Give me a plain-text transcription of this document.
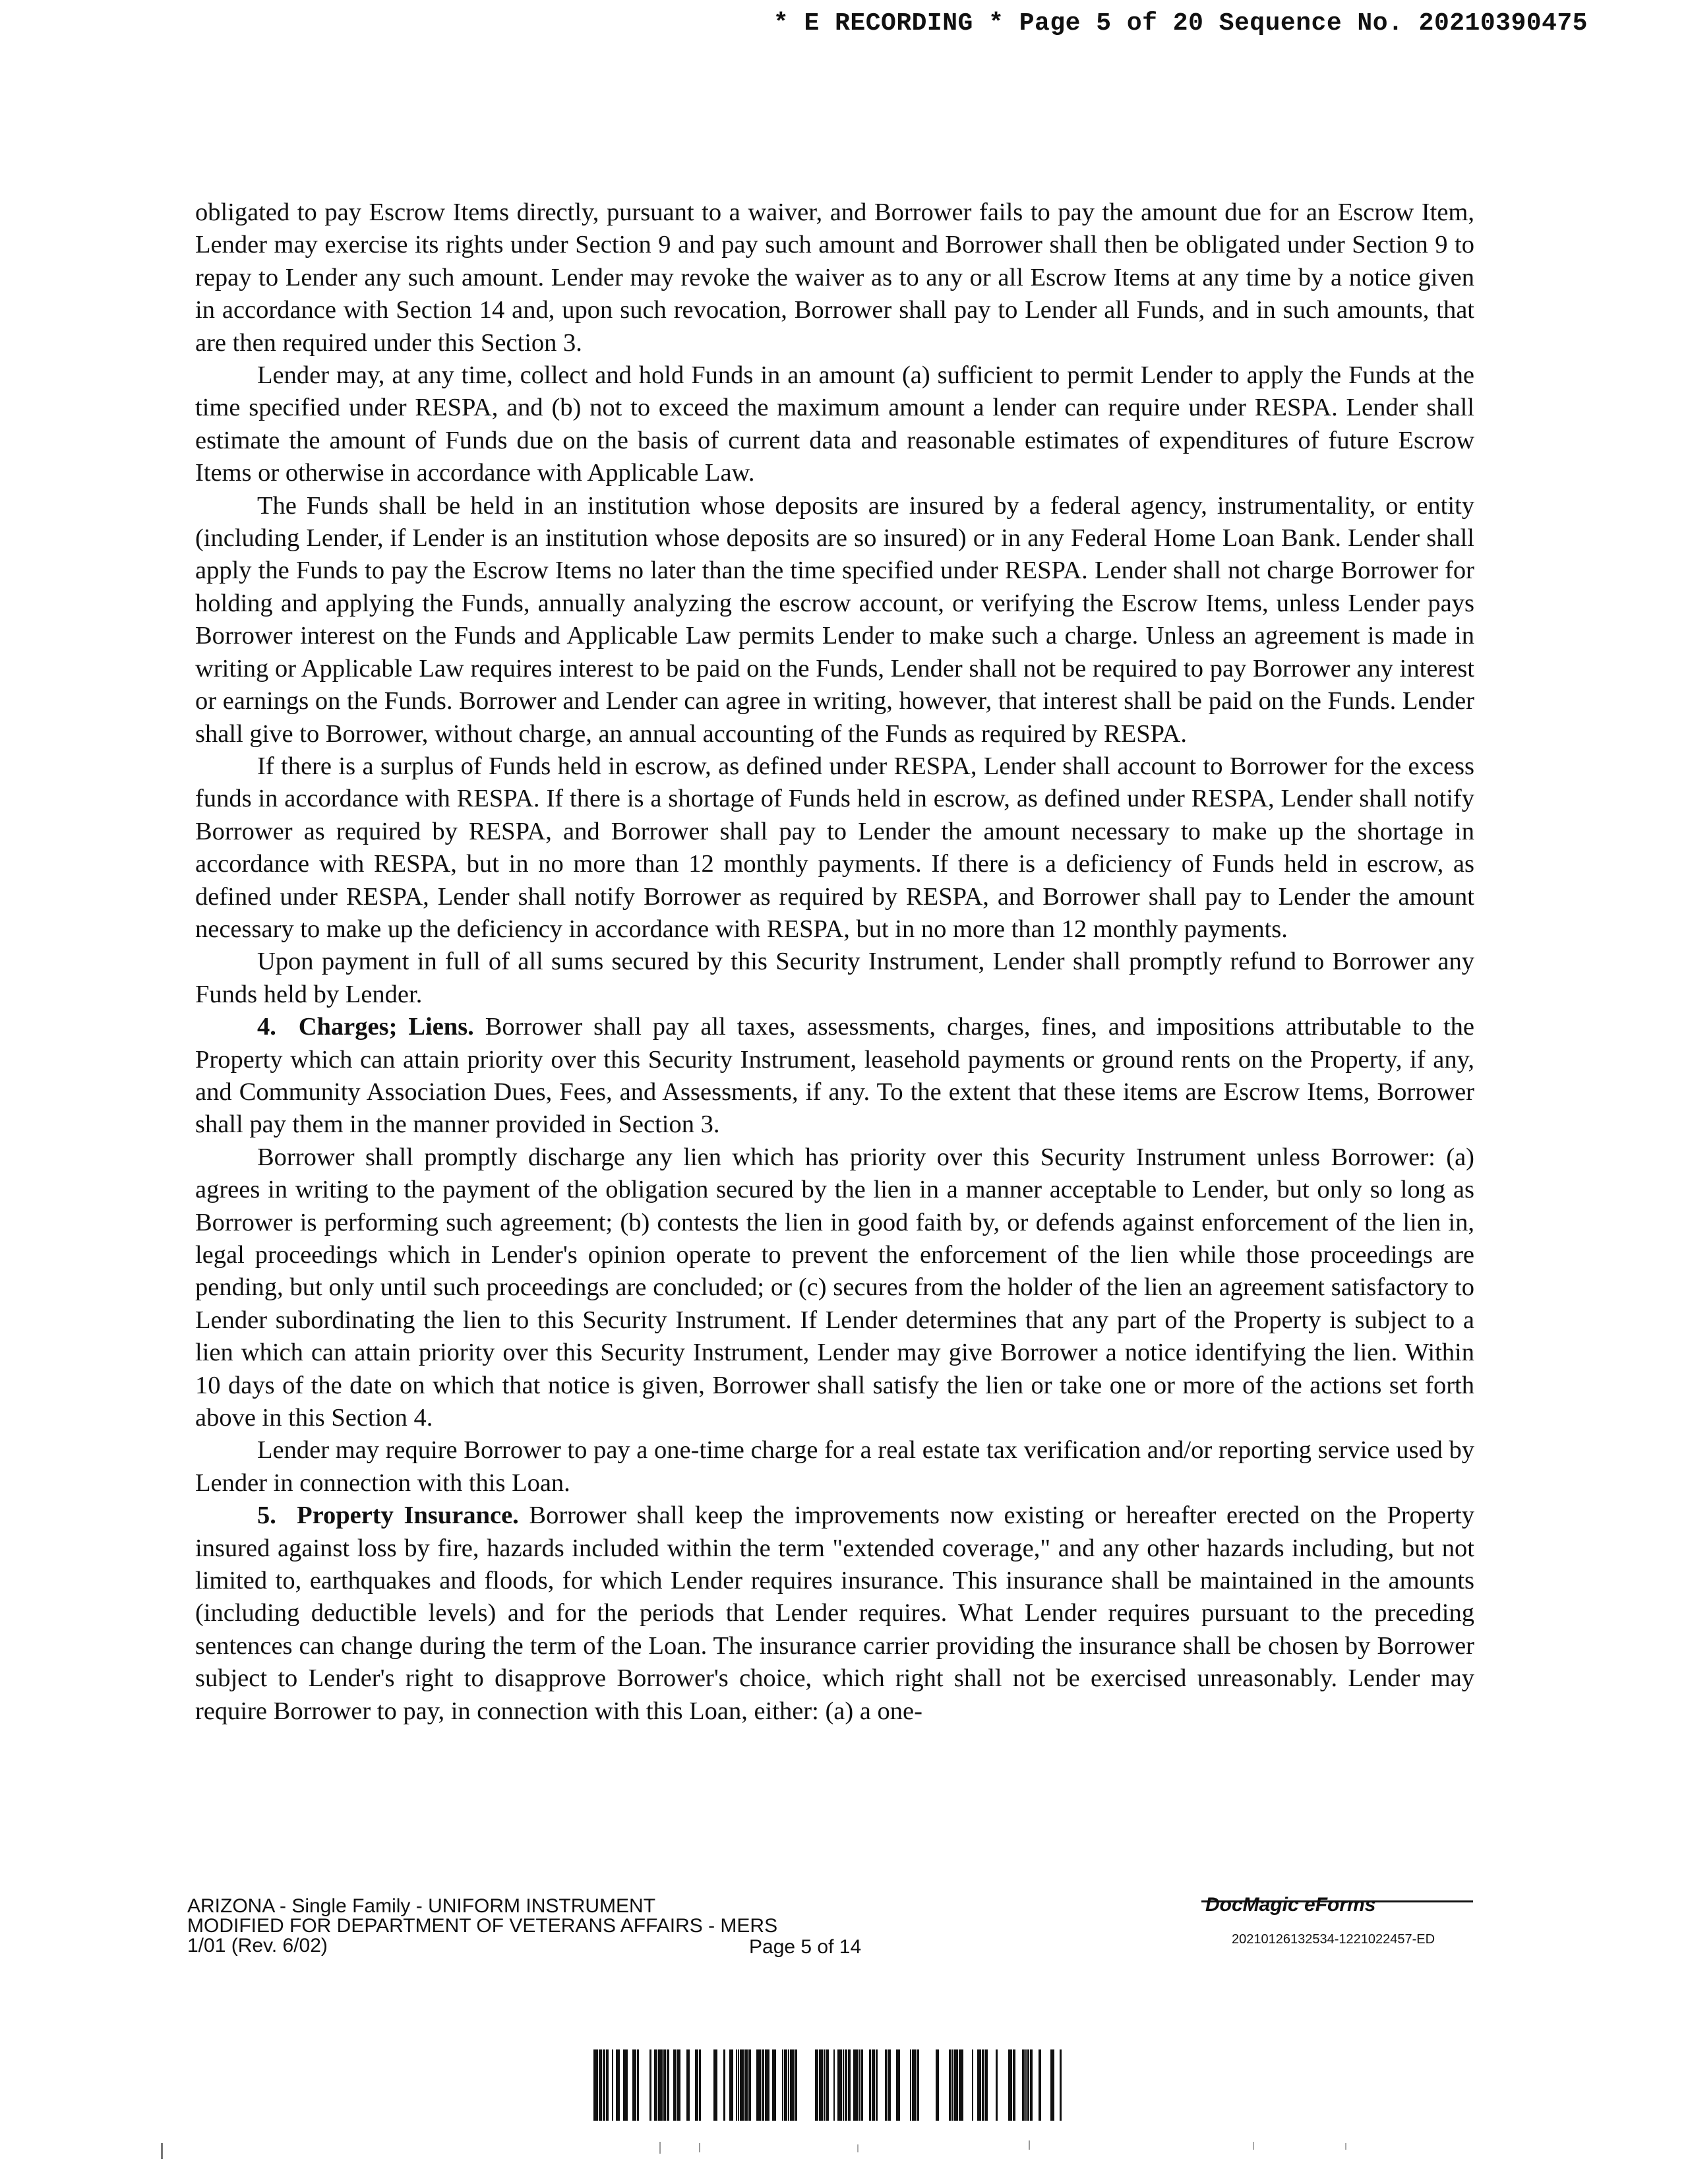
* E RECORDING * Page 5 of 20 Sequence No. 20210390475

obligated to pay Escrow Items directly, pursuant to a waiver, and Borrower fails to pay the amount due for an Escrow Item, Lender may exercise its rights under Section 9 and pay such amount and Borrower shall then be obligated under Section 9 to repay to Lender any such amount. Lender may revoke the waiver as to any or all Escrow Items at any time by a notice given in accordance with Section 14 and, upon such revocation, Borrower shall pay to Lender all Funds, and in such amounts, that are then required under this Section 3.

Lender may, at any time, collect and hold Funds in an amount (a) sufficient to permit Lender to apply the Funds at the time specified under RESPA, and (b) not to exceed the maximum amount a lender can require under RESPA. Lender shall estimate the amount of Funds due on the basis of current data and reasonable estimates of expenditures of future Escrow Items or otherwise in accordance with Applicable Law.

The Funds shall be held in an institution whose deposits are insured by a federal agency, instrumentality, or entity (including Lender, if Lender is an institution whose deposits are so insured) or in any Federal Home Loan Bank. Lender shall apply the Funds to pay the Escrow Items no later than the time specified under RESPA. Lender shall not charge Borrower for holding and applying the Funds, annually analyzing the escrow account, or verifying the Escrow Items, unless Lender pays Borrower interest on the Funds and Applicable Law permits Lender to make such a charge. Unless an agreement is made in writing or Applicable Law requires interest to be paid on the Funds, Lender shall not be required to pay Borrower any interest or earnings on the Funds. Borrower and Lender can agree in writing, however, that interest shall be paid on the Funds. Lender shall give to Borrower, without charge, an annual accounting of the Funds as required by RESPA.

If there is a surplus of Funds held in escrow, as defined under RESPA, Lender shall account to Borrower for the excess funds in accordance with RESPA. If there is a shortage of Funds held in escrow, as defined under RESPA, Lender shall notify Borrower as required by RESPA, and Borrower shall pay to Lender the amount necessary to make up the shortage in accordance with RESPA, but in no more than 12 monthly payments. If there is a deficiency of Funds held in escrow, as defined under RESPA, Lender shall notify Borrower as required by RESPA, and Borrower shall pay to Lender the amount necessary to make up the deficiency in accordance with RESPA, but in no more than 12 monthly payments.

Upon payment in full of all sums secured by this Security Instrument, Lender shall promptly refund to Borrower any Funds held by Lender.

4. Charges; Liens. Borrower shall pay all taxes, assessments, charges, fines, and impositions attributable to the Property which can attain priority over this Security Instrument, leasehold payments or ground rents on the Property, if any, and Community Association Dues, Fees, and Assessments, if any. To the extent that these items are Escrow Items, Borrower shall pay them in the manner provided in Section 3.

Borrower shall promptly discharge any lien which has priority over this Security Instrument unless Borrower: (a) agrees in writing to the payment of the obligation secured by the lien in a manner acceptable to Lender, but only so long as Borrower is performing such agreement; (b) contests the lien in good faith by, or defends against enforcement of the lien in, legal proceedings which in Lender's opinion operate to prevent the enforcement of the lien while those proceedings are pending, but only until such proceedings are concluded; or (c) secures from the holder of the lien an agreement satisfactory to Lender subordinating the lien to this Security Instrument. If Lender determines that any part of the Property is subject to a lien which can attain priority over this Security Instrument, Lender may give Borrower a notice identifying the lien. Within 10 days of the date on which that notice is given, Borrower shall satisfy the lien or take one or more of the actions set forth above in this Section 4.

Lender may require Borrower to pay a one-time charge for a real estate tax verification and/or reporting service used by Lender in connection with this Loan.

5. Property Insurance. Borrower shall keep the improvements now existing or hereafter erected on the Property insured against loss by fire, hazards included within the term "extended coverage," and any other hazards including, but not limited to, earthquakes and floods, for which Lender requires insurance. This insurance shall be maintained in the amounts (including deductible levels) and for the periods that Lender requires. What Lender requires pursuant to the preceding sentences can change during the term of the Loan. The insurance carrier providing the insurance shall be chosen by Borrower subject to Lender's right to disapprove Borrower's choice, which right shall not be exercised unreasonably. Lender may require Borrower to pay, in connection with this Loan, either: (a) a one-

ARIZONA - Single Family - UNIFORM INSTRUMENT
MODIFIED FOR DEPARTMENT OF VETERANS AFFAIRS - MERS
1/01 (Rev. 6/02)	Page 5 of 14
DocMagic eForms
20210126132534-1221022457-ED
